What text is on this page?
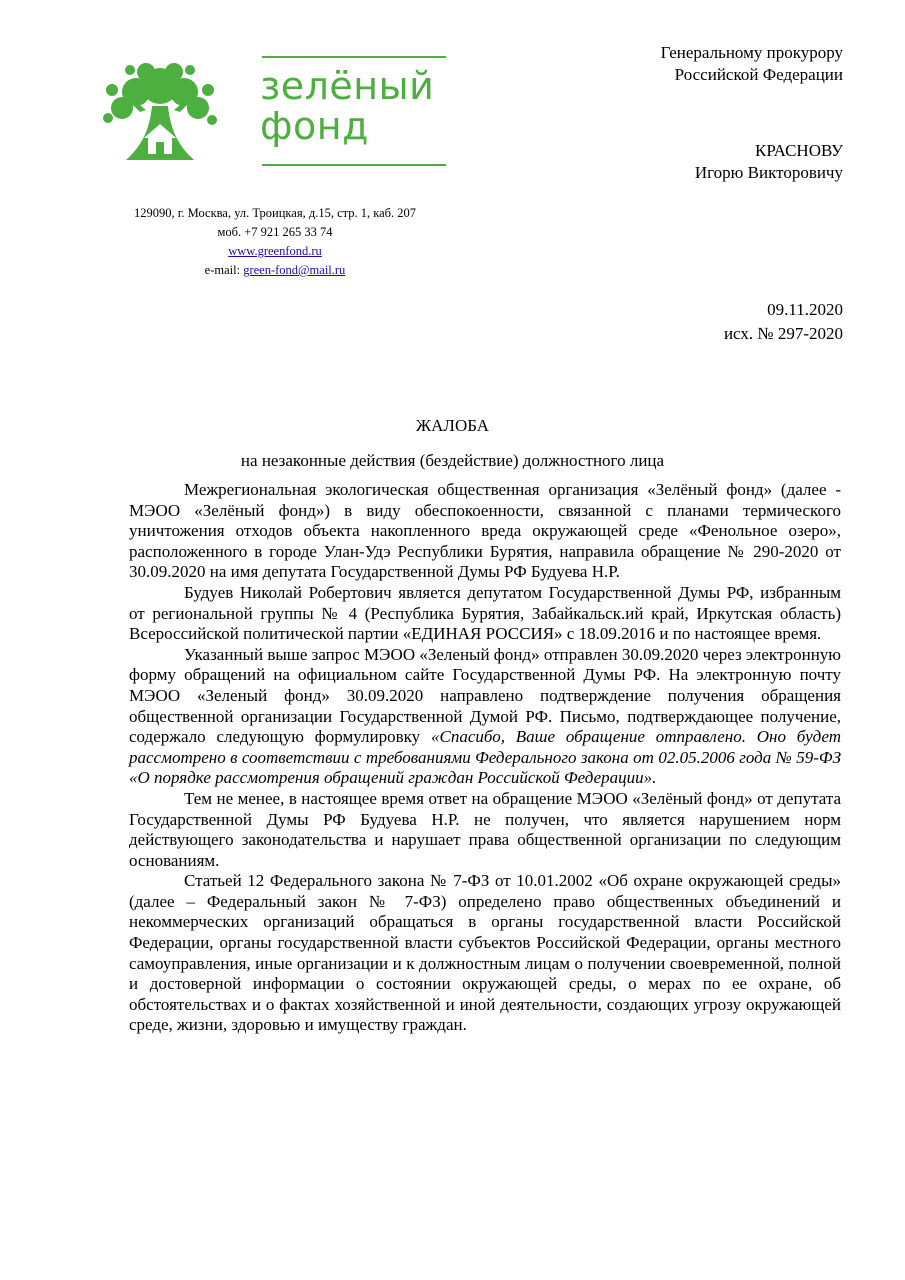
зелёный
фонд
129090, г. Москва, ул. Троицкая, д.15, стр. 1, каб. 207
моб. +7 921 265 33 74
www.greenfond.ru
e-mail: green-fond@mail.ru
Генеральному прокурору
Российской Федерации
КРАСНОВУ
Игорю Викторовичу
09.11.2020
исх. № 297-2020
ЖАЛОБА
на незаконные действия (бездействие) должностного лица

Межрегиональная экологическая общественная организация «Зелёный фонд» (далее - МЭОО «Зелёный фонд») в виду обеспокоенности, связанной с планами термического уничтожения отходов объекта накопленного вреда окружающей среде «Фенольное озеро», расположенного в городе Улан-Удэ Республики Бурятия, направила обращение № 290-2020 от 30.09.2020 на имя депутата Государственной Думы РФ Будуева Н.Р.

Будуев Николай Робертович является депутатом Государственной Думы РФ, избранным от региональной группы № 4 (Республика Бурятия, Забайкальск.ий край, Иркутская область) Всероссийской политической партии «ЕДИНАЯ РОССИЯ» с 18.09.2016 и по настоящее время.

Указанный выше запрос МЭОО «Зеленый фонд» отправлен 30.09.2020 через электронную форму обращений на официальном сайте Государственной Думы РФ. На электронную почту МЭОО «Зеленый фонд» 30.09.2020 направлено подтверждение получения обращения общественной организации Государственной Думой РФ. Письмо, подтверждающее получение, содержало следующую формулировку «Спасибо, Ваше обращение отправлено. Оно будет рассмотрено в соответствии с требованиями Федерального закона от 02.05.2006 года № 59-ФЗ «О порядке рассмотрения обращений граждан Российской Федерации».

Тем не менее, в настоящее время ответ на обращение МЭОО «Зелёный фонд» от депутата Государственной Думы РФ Будуева Н.Р. не получен, что является нарушением норм действующего законодательства и нарушает права общественной организации по следующим основаниям.

Статьей 12 Федерального закона № 7-ФЗ от 10.01.2002 «Об охране окружающей среды» (далее – Федеральный закон № 7-ФЗ) определено право общественных объединений и некоммерческих организаций обращаться в органы государственной власти Российской Федерации, органы государственной власти субъектов Российской Федерации, органы местного самоуправления, иные организации и к должностным лицам о получении своевременной, полной и достоверной информации о состоянии окружающей среды, о мерах по ее охране, об обстоятельствах и о фактах хозяйственной и иной деятельности, создающих угрозу окружающей среде, жизни, здоровью и имуществу граждан.
